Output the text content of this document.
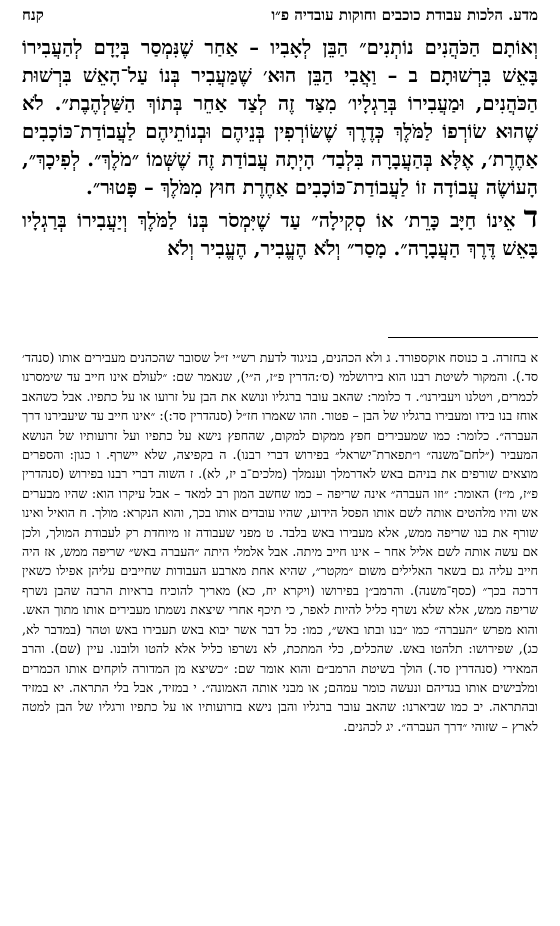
מדע. הלכות עבודת כוכבים וחוקות עובדיה פ״ו
קנח

וְאוֹתָם הַכֹּהֲנִים נוֹתְנִים״ הַבֵּן לְאָבִיו – אַחַר שֶׁנִּמְסַר בְּיָדָם לְהַעֲבִירוֹ בָּאֵשׁ בִּרְשׁוּתָם ב – וַאֲבִי הַבֵּן הוּא׳ שֶׁמַּעֲבִיר בְּנוֹ עַל־הָאֵשׁ בִּרְשׁוּת הַכֹּהֲנִים, וּמַעֲבִירוֹ בְּרַגְלָיו׳ מִצַּד זֶה לְצַד אַחֵר בְּתוֹךְ הַשַּׁלְהֶבֶת״. לֹא שֶׁהוּא שׂוֹרְפוֹ לַמֹּלֶךְ כְּדֶרֶךְ שֶׁשּׂוֹרְפִין בְּנֵיהֶם וּבְנוֹתֵיהֶם לַעֲבוֹדַת־כּוֹכָבִים אַחֶרֶת׳, אֶלָּא בְּהַעֲבָרָה בִּלְבַד׳ הָיְתָה עֲבוֹדַת זֶה שֶׁשְּׁמוֹ ״מֹלֶךְ״. לְפִיכָךְ״, הָעוֹשֶׂה עֲבוֹדָה זוֹ לַעֲבוֹדַת־כּוֹכָבִים אַחֶרֶת חוּץ מִמֹּלֶךְ – פָּטוּר״.

דאֵינוֹ חַיָּב כָּרֵת׳ אוֹ סְקִילָה״ עַד שֶׁיִּמְסֹר בְּנוֹ לַמֹּלֶךְ וְיַעֲבִירוֹ בְּרַגְלָיו בָּאֵשׁ דֶּרֶךְ הַעֲבָרָה״. מָסַר״ וְלֹא הֶעֱבִיר, הֶעֱבִיר וְלֹא

א בחזרה. ב כנוסח אוקספורד. ג ולא הכהנים, בניגוד לדעת רש״י ז״ל שסובר שהכהנים מעבירים אותו (סנהד׳ סד.). והמקור לשיטת רבנו הוא בירושלמי (ס׳:הדרין פ״ז, ה״י), שנאמר שם: ״לעולם אינו חייב עד שימסרנו לכמרים, ויטלנו ויעבירנו״. ד כלומר: שהאב עובר ברגליו ונושא את הבן על זרועו או על כתפיו. אבל כשהאב אוחז בנו בידו ומעבירו ברגליו של הבן – פטור. וזהו שאמרו חז״ל (סנהדרין סד:): ״אינו חייב עד שיעבירנו דרך העברה״. כלומר: כמו שמעבירים חפץ ממקום למקום, שהחפץ נישא על כתפיו ועל זרועותיו של הנושא המעביר (״לחם־משנה״ ו״תפארת־ישראל״ בפירוש דברי רבנו). ה בקפיצה, שלא יישרף. ו כגון: והספרים מוצאים שורפים את בניהם באש לאדרמלך וענמלך (מלכים־ב יז, לא). ז השוה דברי רבנו בפירוש (סנהדרין פ״ז, מ״ז) האומר: ״וזו העברה״ אינה שריפה – כמו שחשב המון רב למאד – אבל עיקרו הוא: שהיו מבערים אש והיו מלהטים אותה לשם אותו הפסל הידוע, שהיו עובדים אותו בכך, והוא הנקרא: מולך. ח הואיל ואינו שורף את בנו שריפה ממש, אלא מעבירו באש בלבד. ט מפני שעבודה זו מיוחדת רק לעבודת המולך, ולכן אם עשה אותה לשם אליל אחר – אינו חייב מיתה. אבל אלמלי היתה ״העברה באש״ שריפה ממש, אז היה חייב עליה גם בשאר האלילים משום ״מקטר״, שהיא אחת מארבע העבודות שחייבים עליהן אפילו כשאין דרכה בכך״ (כסף־משנה). והרמב״ן בפירושו (ויקרא יח, כא) מאריך להוכיח בראיות הרבה שהבן נשרף שריפה ממש, אלא שלא נשרף כליל להיות לאפר, כי תיכף אחרי שיצאת נשמתו מעבירים אותו מתוך האש. והוא מפרש ״העברה״ כמו ״בנו ובתו באש״, כמו: כל דבר אשר יבוא באש תעבירו באש וטהר (במדבר לא, כג), שפירושו: תלהטו באש. שהכלים, כלי המתכת, לא נשרפו כליל אלא להטו ולובנו. עיין (שם). והרב המאירי (סנהדרין סד.) הולך בשיטת הרמב״ם והוא אומר שם: ״כשיצא מן המדורה לוקחים אותו הכמרים ומלבישים אותו בגדיהם ונעשה כומר עמהם; או מבני אותה האמונה״. י במזיד, אבל בלי התראה. יא במזיד ובהתראה. יב כמו שביארנו: שהאב עובר ברגליו והבן נישא בזרועותיו או על כתפיו ורגליו של הבן למטה לארץ – שזוהי ״דרך העברה״. יג לכהנים.
